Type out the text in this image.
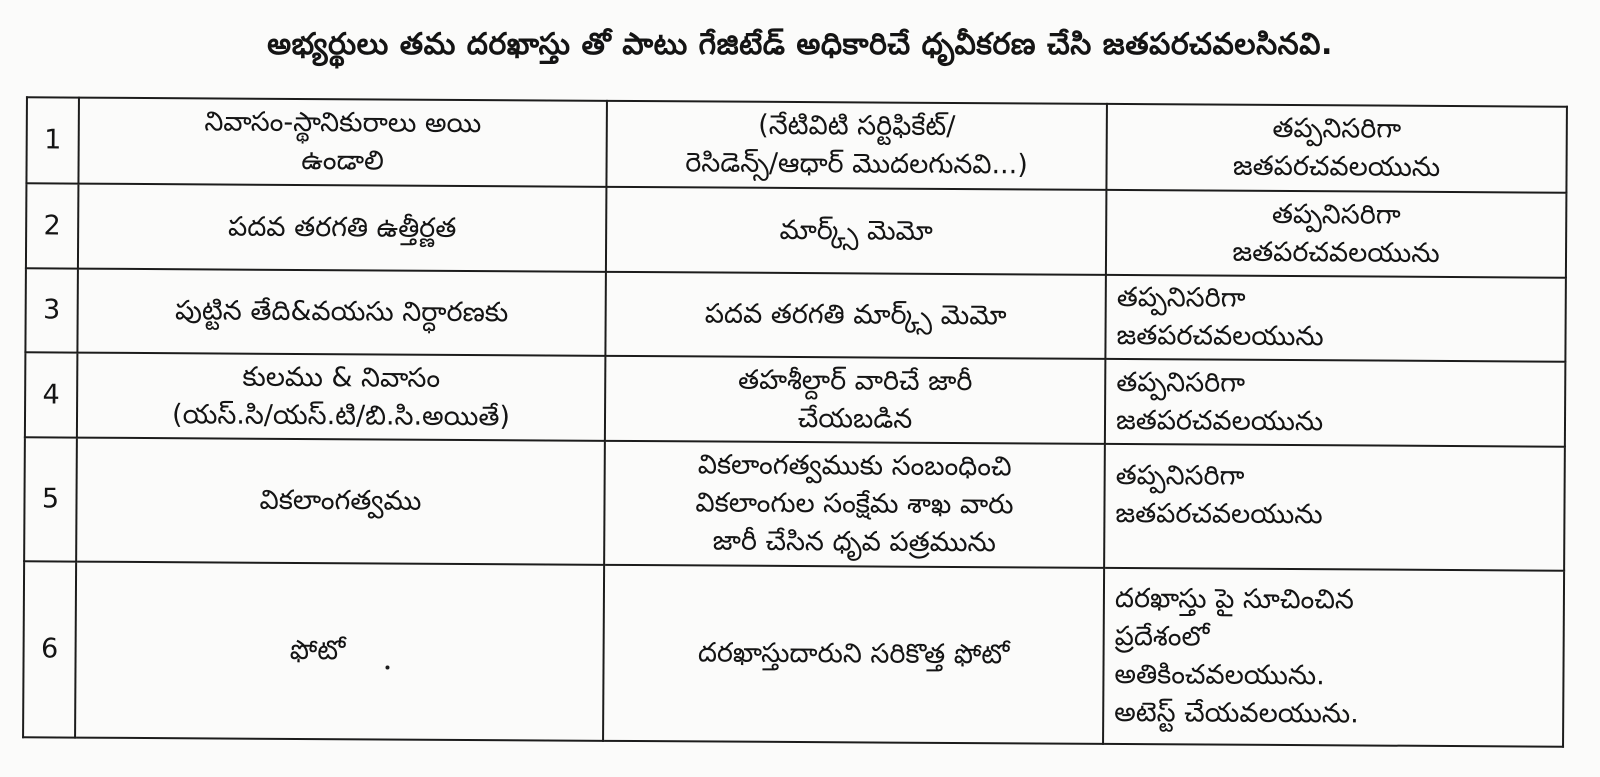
అభ్యర్థులు తమ దరఖాస్తు తో పాటు గేజిటేడ్ అధికారిచే ధృవీకరణ చేసి జతపరచవలసినవి.
1	నివాసం-స్థానికురాలు అయి
ఉండాలి	(నేటివిటి సర్టిఫికేట్/
రెసిడెన్స్/ఆధార్ మొదలగునవి...)	తప్పనిసరిగా
జతపరచవలయును

2	పదవ తరగతి ఉత్తీర్ణత	మార్క్స్ మెమో	తప్పనిసరిగా
జతపరచవలయును

3	పుట్టిన తేది&వయసు నిర్ధారణకు	పదవ తరగతి మార్క్స్ మెమో	తప్పనిసరిగా
జతపరచవలయును

4	కులము & నివాసం
(యస్.సి/యస్.టి/బి.సి.అయితే)	తహశీల్దార్ వారిచే జారీ
చేయబడిన	తప్పనిసరిగా
జతపరచవలయును

5	వికలాంగత్వము	వికలాంగత్వముకు సంబంధించి
వికలాంగుల సంక్షేమ శాఖ వారు
జారీ చేసిన ధృవ పత్రమును	తప్పనిసరిగా
జతపరచవలయును

6	ఫోటో	దరఖాస్తుదారుని సరికొత్త ఫోటో	దరఖాస్తు పై సూచించిన
ప్రదేశంలో
అతికించవలయును.
అటెస్ట్ చేయవలయును.
